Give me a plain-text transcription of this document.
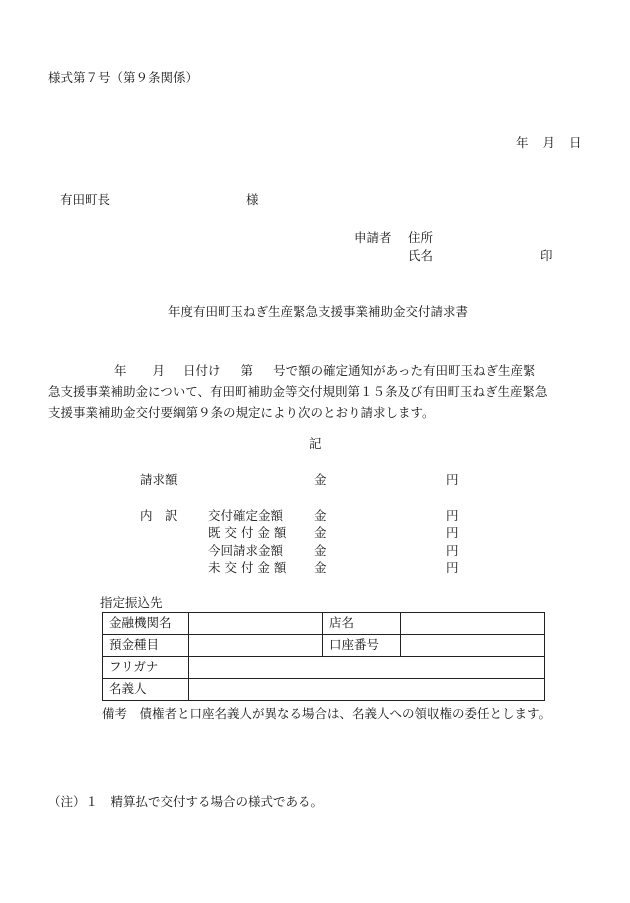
様式第７号（第９条関係）
年 月 日
有田町長	様
申請者 住所
氏名	印
年度有田町玉ねぎ生産緊急支援事業補助金交付請求書
年 月 日付け 第 号で額の確定通知があった有田町玉ねぎ生産緊
急支援事業補助金について、有田町補助金等交付規則第１５条及び有田町玉ねぎ生産緊急
支援事業補助金交付要綱第９条の規定により次のとおり請求します。
記
請求額	金	円
内　訳 交付確定金額 金	円
既 交 付 金 額 金	円
今回請求金額 金	円
未 交 付 金 額 金	円
指定振込先
金融機関名		店名	
預金種目		口座番号	
フリガナ			
名義人			
備考　債権者と口座名義人が異なる場合は、名義人への領収権の委任とします。
（注）１　精算払で交付する場合の様式である。
